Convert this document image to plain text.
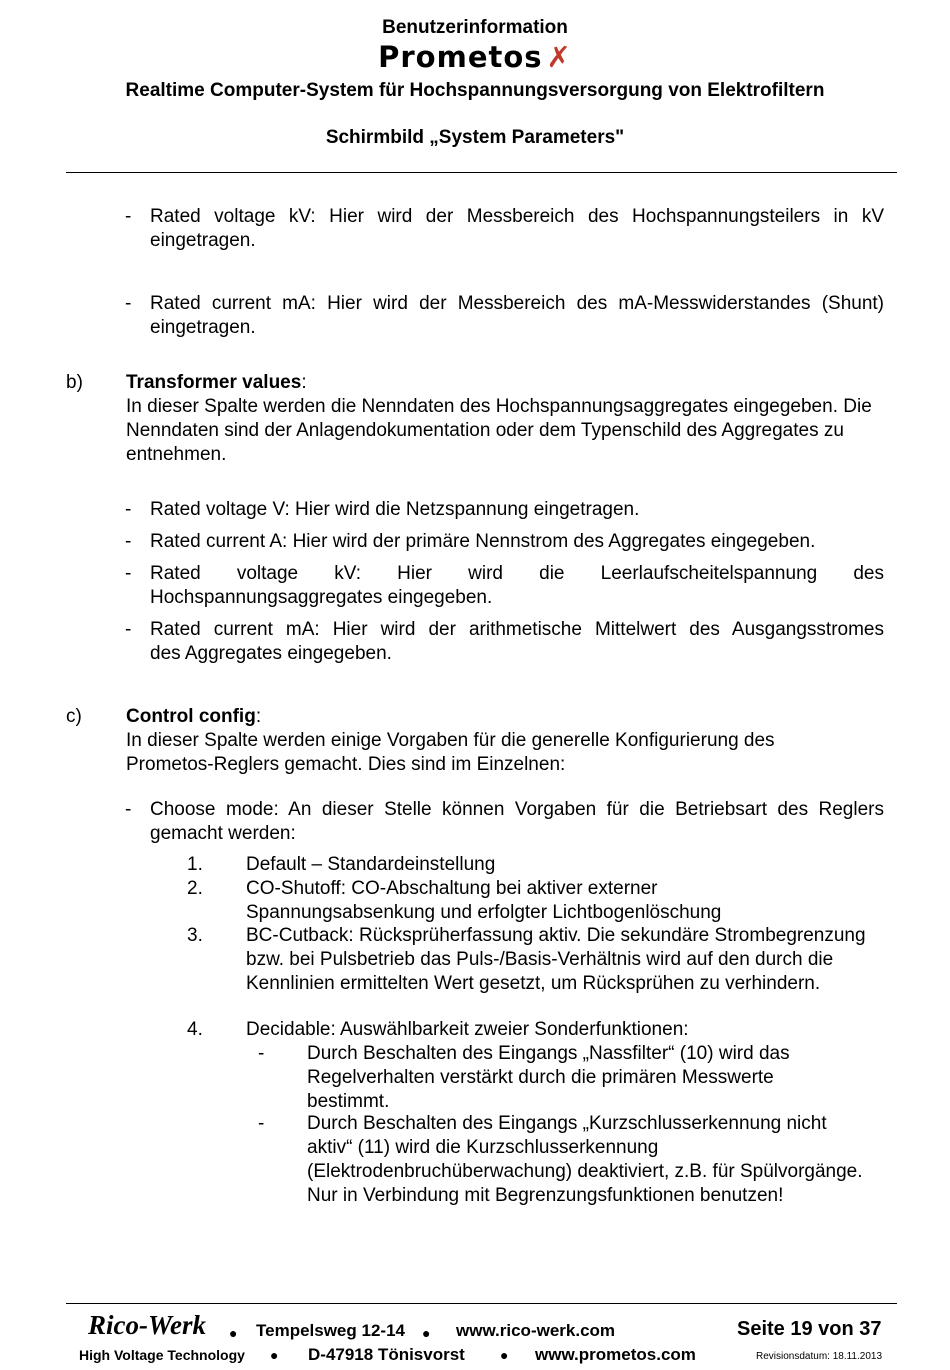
Benutzerinformation
Prometos ✗
Realtime Computer-System für Hochspannungsversorgung von Elektrofiltern
Schirmbild „System Parameters"
- Rated voltage kV: Hier wird der Messbereich des Hochspannungsteilers in kV
eingetragen.
- Rated current mA: Hier wird der Messbereich des mA-Messwiderstandes (Shunt)
eingetragen.
b) Transformer values:
In dieser Spalte werden die Nenndaten des Hochspannungsaggregates eingegeben. Die Nenndaten sind der Anlagendokumentation oder dem Typenschild des Aggregates zu entnehmen.
- Rated voltage V: Hier wird die Netzspannung eingetragen.
- Rated current A: Hier wird der primäre Nennstrom des Aggregates eingegeben.
- Rated voltage kV: Hier wird die Leerlaufscheitelspannung des
Hochspannungsaggregates eingegeben.
- Rated current mA: Hier wird der arithmetische Mittelwert des Ausgangsstromes
des Aggregates eingegeben.
c) Control config:
In dieser Spalte werden einige Vorgaben für die generelle Konfigurierung des Prometos-Reglers gemacht. Dies sind im Einzelnen:
- Choose mode: An dieser Stelle können Vorgaben für die Betriebsart des Reglers
gemacht werden:
1. Default – Standardeinstellung
2. CO-Shutoff: CO-Abschaltung bei aktiver externer Spannungsabsenkung und erfolgter Lichtbogenlöschung
3. BC-Cutback: Rücksprüherfassung aktiv. Die sekundäre Strombegrenzung bzw. bei Pulsbetrieb das Puls-/Basis-Verhältnis wird auf den durch die Kennlinien ermittelten Wert gesetzt, um Rücksprühen zu verhindern.
4. Decidable: Auswählbarkeit zweier Sonderfunktionen:
- Durch Beschalten des Eingangs „Nassfilter“ (10) wird das Regelverhalten verstärkt durch die primären Messwerte bestimmt.
- Durch Beschalten des Eingangs „Kurzschlusserkennung nicht aktiv“ (11) wird die Kurzschlusserkennung (Elektrodenbruchüberwachung) deaktiviert, z.B. für Spülvorgänge. Nur in Verbindung mit Begrenzungsfunktionen benutzen!
Rico-Werk ● Tempelsweg 12-14 ● www.rico-werk.com	Seite 19 von 37
High Voltage Technology ● D-47918 Tönisvorst	● www.prometos.com	Revisionsdatum: 18.11.2013
